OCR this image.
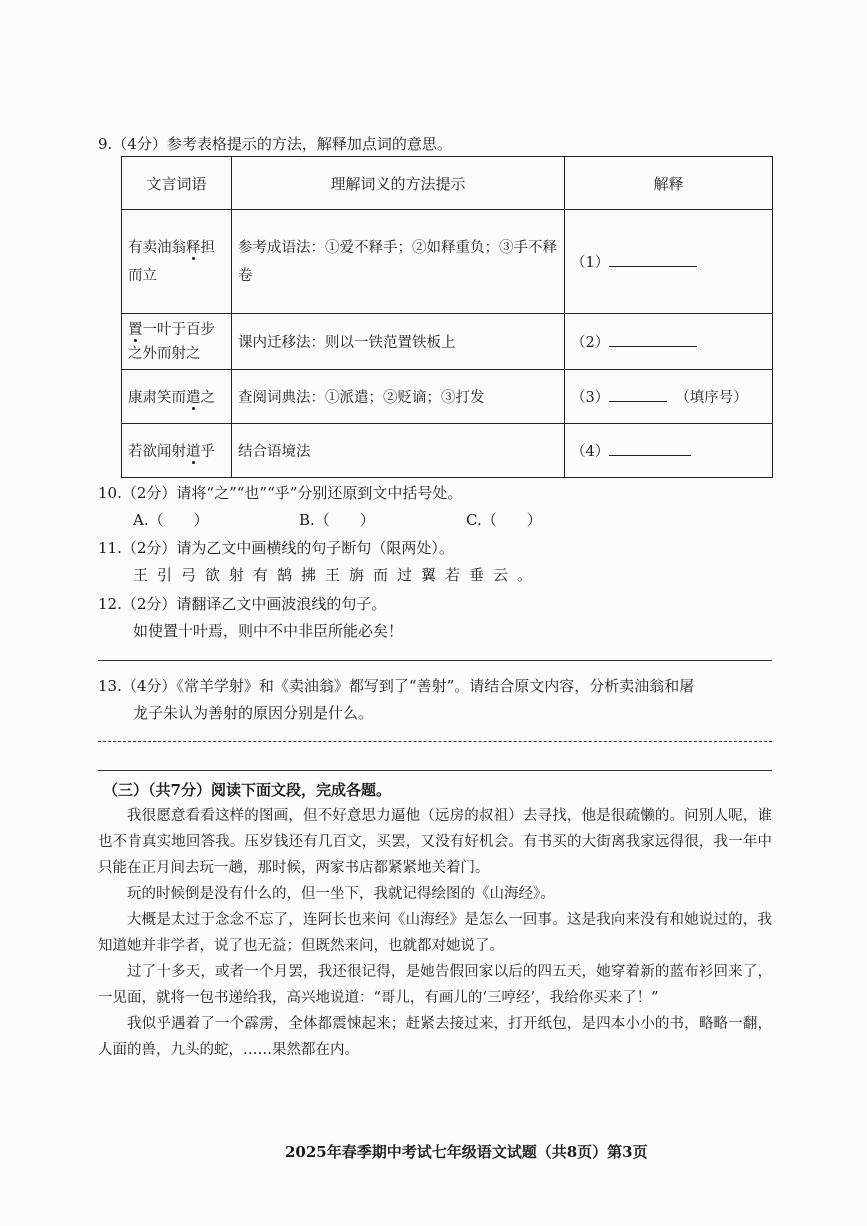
9.（4分）参考表格提示的方法，解释加点词的意思。
文言词语	理解词义的方法提示	解释
有卖油翁释担而立	参考成语法：①爱不释手；②如释重负；③手不释卷	（1）
置一叶于百步之外而射之	课内迁移法：则以一铁范置铁板上	（2）
康肃笑而遣之	查阅词典法：①派遣；②贬谪；③打发	（3） （填序号）
若欲闻射道乎	结合语境法	（4）
10.（2分）请将“之”“也”“乎”分别还原到文中括号处。
A.（　　）	B.（　　）	C.（　　）
11.（2分）请为乙文中画横线的句子断句（限两处）。
王引弓欲射有鹄拂王旃而过翼若垂云。
12.（2分）请翻译乙文中画波浪线的句子。
如使置十叶焉，则中不中非臣所能必矣！
13.（4分）《常羊学射》和《卖油翁》都写到了“善射”。请结合原文内容，分析卖油翁和屠
龙子朱认为善射的原因分别是什么。
（三）（共7分）阅读下面文段，完成各题。

我很愿意看看这样的图画，但不好意思力逼他（远房的叔祖）去寻找，他是很疏懒的。问别人呢，谁也不肯真实地回答我。压岁钱还有几百文，买罢，又没有好机会。有书买的大街离我家远得很，我一年中只能在正月间去玩一趟，那时候，两家书店都紧紧地关着门。

玩的时候倒是没有什么的，但一坐下，我就记得绘图的《山海经》。

大概是太过于念念不忘了，连阿长也来问《山海经》是怎么一回事。这是我向来没有和她说过的，我知道她并非学者，说了也无益；但既然来问，也就都对她说了。

过了十多天，或者一个月罢，我还很记得，是她告假回家以后的四五天，她穿着新的蓝布衫回来了，一见面，就将一包书递给我，高兴地说道：“哥儿，有画儿的‘三哼经’，我给你买来了！”

我似乎遇着了一个霹雳，全体都震悚起来；赶紧去接过来，打开纸包，是四本小小的书，略略一翻，人面的兽，九头的蛇，……果然都在内。

2025年春季期中考试七年级语文试题（共8页）第3页
